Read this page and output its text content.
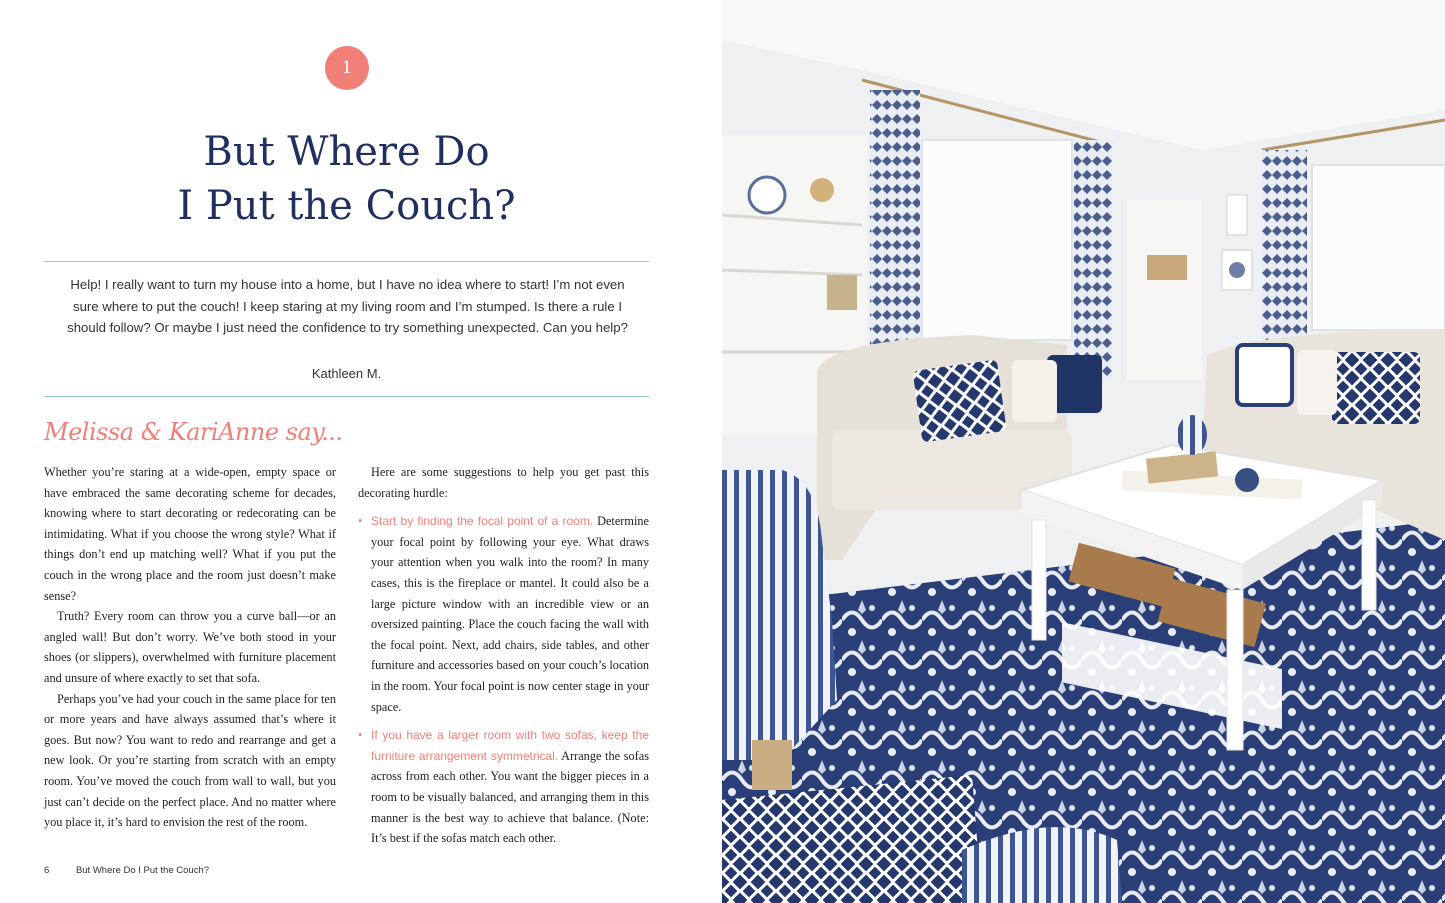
1
But Where Do
I Put the Couch?

Help! I really want to turn my house into a home, but I have no idea where to start! I’m not even sure where to put the couch! I keep staring at my living room and I’m stumped. Is there a rule I should follow? Or maybe I just need the confidence to try something unexpected. Can you help?

Kathleen M.

Melissa & KariAnne say...

Whether you’re staring at a wide-open, empty space or have embraced the same decorating scheme for decades, knowing where to start decorating or redecorating can be intimidating. What if you choose the wrong style? What if things don’t end up matching well? What if you put the couch in the wrong place and the room just doesn’t make sense?

Truth? Every room can throw you a curve ball—or an angled wall! But don’t worry. We’ve both stood in your shoes (or slippers), overwhelmed with furniture placement and unsure of where exactly to set that sofa.

Perhaps you’ve had your couch in the same place for ten or more years and have always assumed that’s where it goes. But now? You want to redo and rearrange and get a new look. Or you’re starting from scratch with an empty room. You’ve moved the couch from wall to wall, but you just can’t decide on the perfect place. And no matter where you place it, it’s hard to envision the rest of the room.

Here are some suggestions to help you get past this decorating hurdle:

• Start by finding the focal point of a room. Determine your focal point by following your eye. What draws your attention when you walk into the room? In many cases, this is the fireplace or mantel. It could also be a large picture window with an incredible view or an oversized painting. Place the couch facing the wall with the focal point. Next, add chairs, side tables, and other furniture and accessories based on your couch’s location in the room. Your focal point is now center stage in your space.

• If you have a larger room with two sofas, keep the furniture arrangement symmetrical. Arrange the sofas across from each other. You want the bigger pieces in a room to be visually balanced, and arranging them in this manner is the best way to achieve that balance. (Note: It’s best if the sofas match each other.

6	But Where Do I Put the Couch?
